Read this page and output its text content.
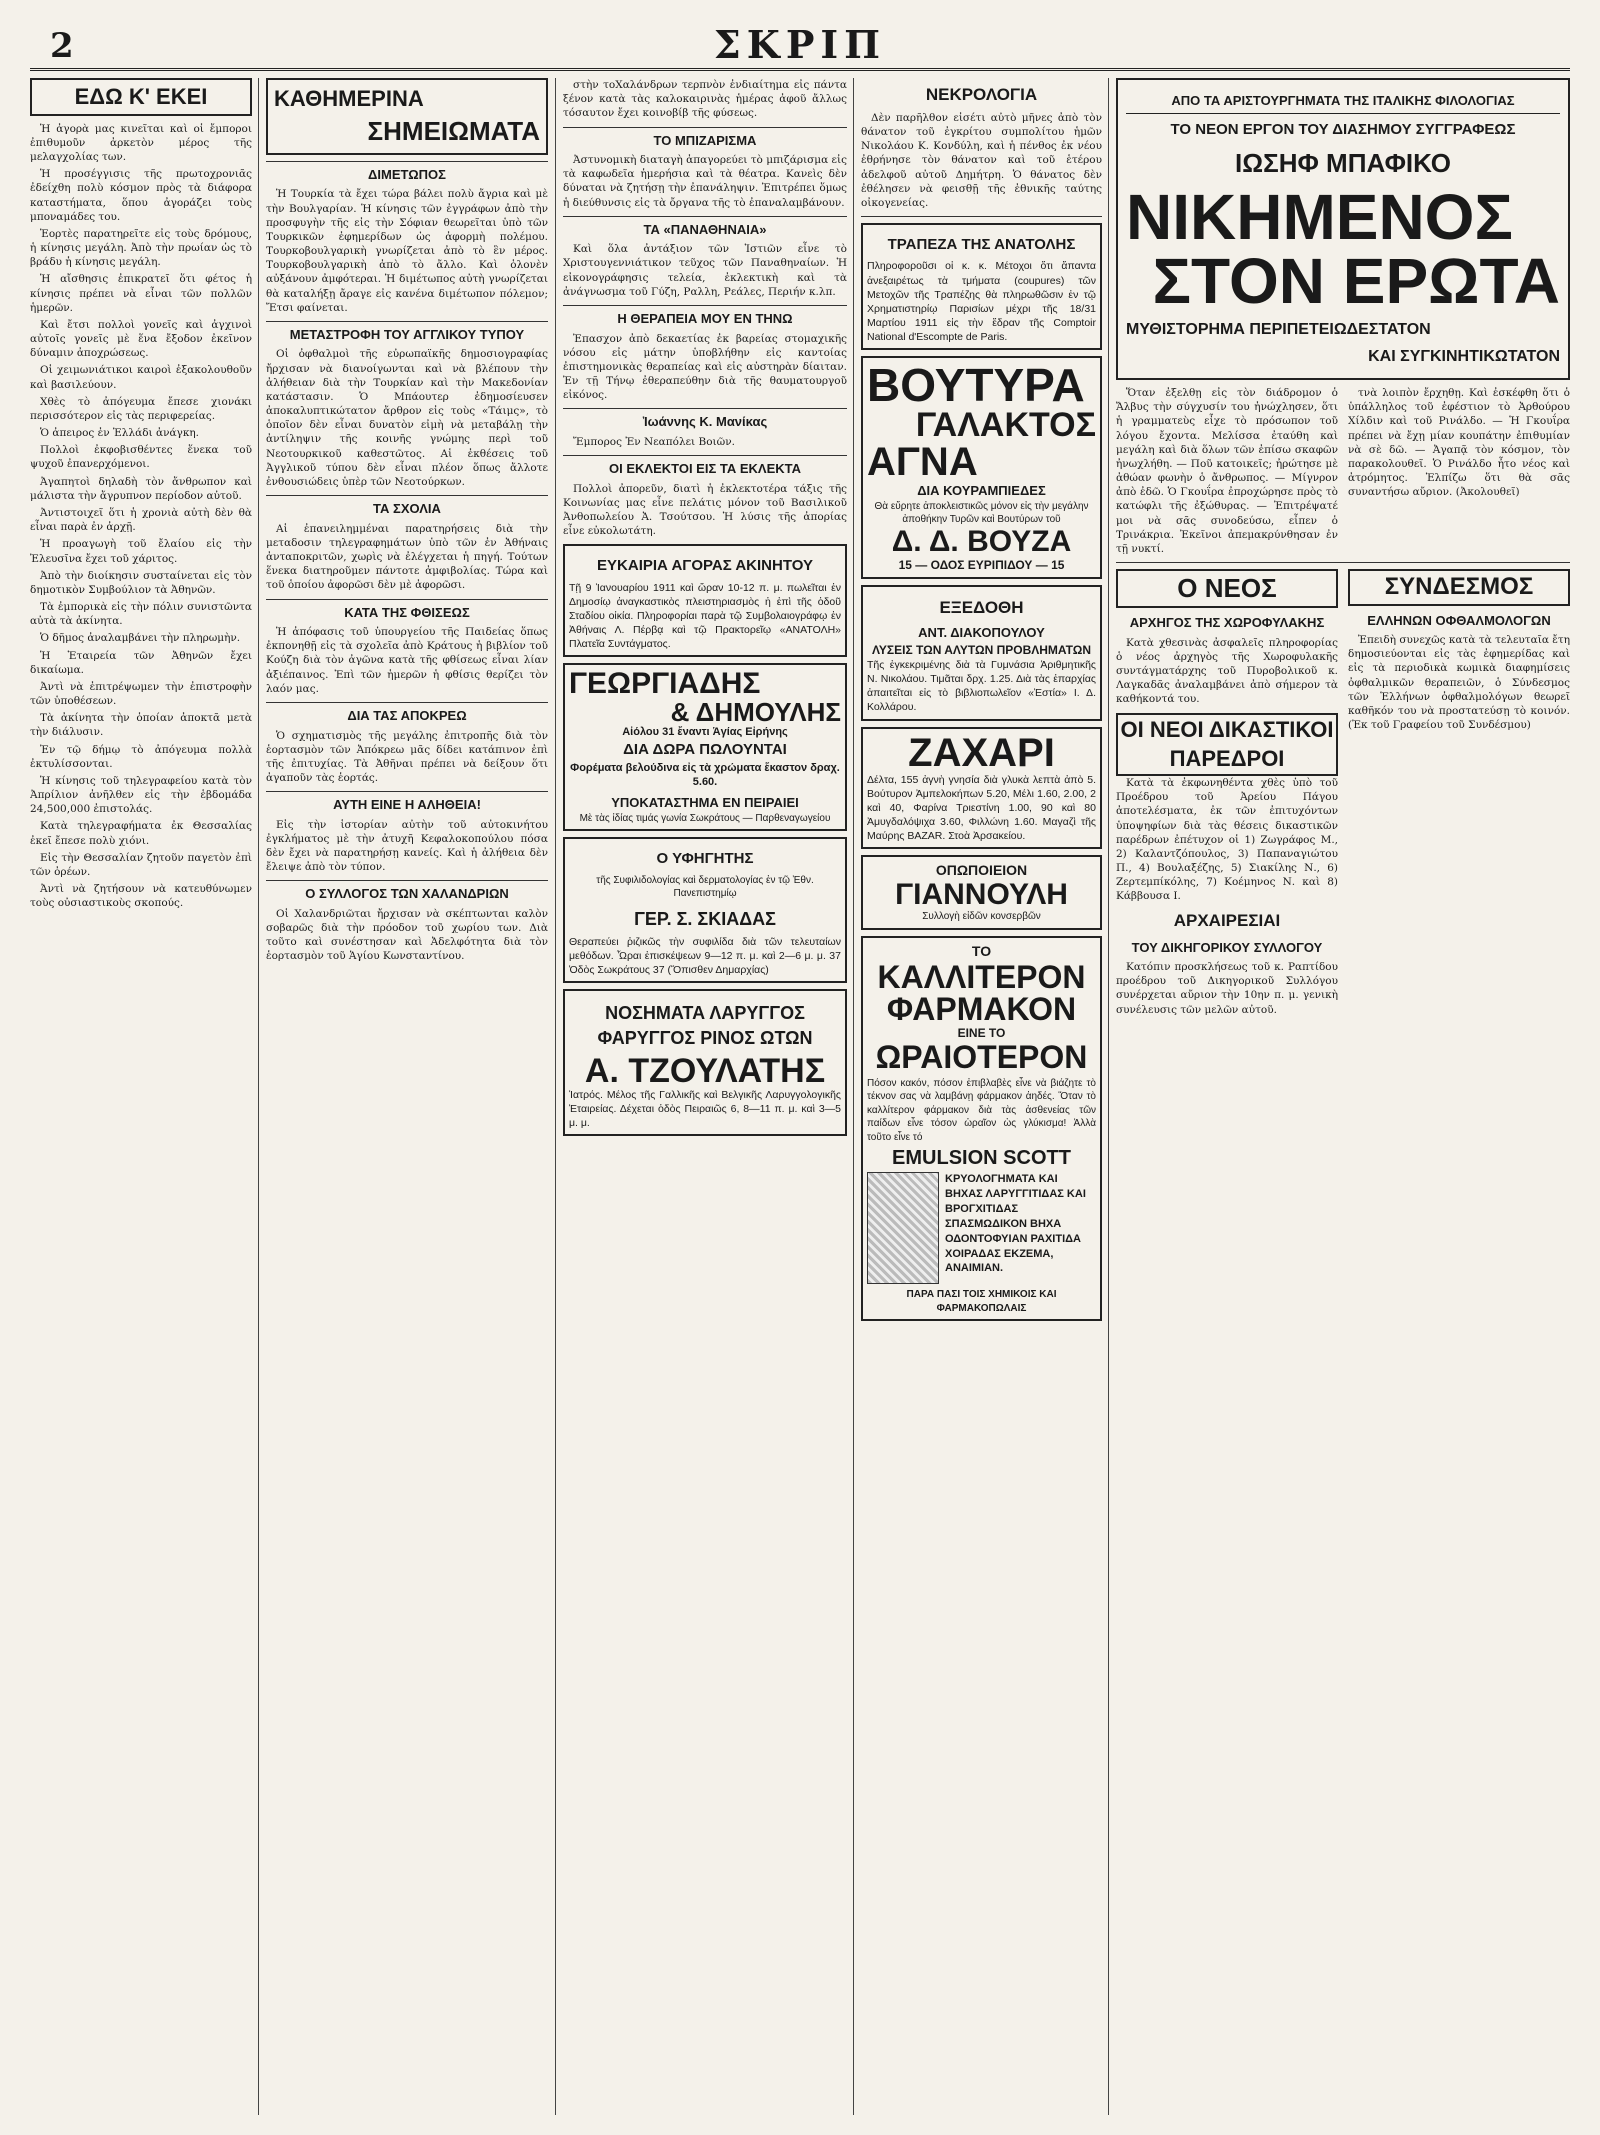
2	ΣΚΡΙΠ
ΕΔΩ Κ' ΕΚΕΙ

Ἡ ἀγορὰ μας κινεῖται καὶ οἱ ἔμποροι ἐπιθυμοῦν ἀρκετὸν μέρος τῆς μελαγχολίας των.

Ἡ προσέγγισις τῆς πρωτοχρονιᾶς ἐδείχθη πολὺ κόσμον πρὸς τὰ διάφορα καταστήματα, ὅπου ἀγοράζει τοὺς μποναμάδες του.

Ἑορτὲς παρατηρεῖτε εἰς τοὺς δρόμους, ἡ κίνησις μεγάλη. Ἀπὸ τὴν πρωίαν ὡς τὸ βράδυ ἡ κίνησις μεγάλη.

Ἡ αἴσθησις ἐπικρατεῖ ὅτι φέτος ἡ κίνησις πρέπει νὰ εἶναι τῶν πολλῶν ἡμερῶν.

Καὶ ἔτσι πολλοὶ γονεῖς καὶ ἀγχινοὶ αὐτοῖς γονεῖς μὲ ἕνα ἔξοδον ἐκεῖνον δύναμιν ἀποχρώσεως.

Οἱ χειμωνιάτικοι καιροὶ ἐξακολουθοῦν καὶ βασιλεύουν.

Χθὲς τὸ ἀπόγευμα ἔπεσε χιονάκι περισσότερον εἰς τὰς περιφερείας.

Ὁ ἀπειρος ἐν Ἑλλάδι ἀνάγκη.

Πολλοὶ ἐκφοβισθέντες ἕνεκα τοῦ ψυχοῦ ἐπανερχόμενοι.

Ἀγαπητοὶ δηλαδὴ τὸν ἄνθρωπον καὶ μάλιστα τὴν ἄγρυπνον περίοδον αὐτοῦ.

Ἀντιστοιχεῖ ὅτι ἡ χρονιὰ αὐτὴ δὲν θὰ εἶναι παρὰ ἐν ἀρχῇ.

Ἡ προαγωγὴ τοῦ ἔλαίου εἰς τὴν Ἐλευσῖνα ἔχει τοῦ χάριτος.

Ἀπὸ τὴν διοίκησιν συσταίνεται εἰς τὸν δημοτικὸν Συμβούλιον τὰ Ἀθηνῶν.

Τὰ ἐμπορικὰ εἰς τὴν πόλιν συνιστῶντα αὐτὰ τὰ ἀκίνητα.

Ὁ δῆμος ἀναλαμβάνει τὴν πληρωμὴν.

Ἡ Ἑταιρεία τῶν Ἀθηνῶν ἔχει δικαίωμα.

Ἀντὶ νὰ ἐπιτρέψωμεν τὴν ἐπιστροφὴν τῶν ὑποθέσεων.

Τὰ ἀκίνητα τὴν ὁποίαν ἀποκτᾶ μετὰ τὴν διάλυσιν.

Ἐν τῷ δήμῳ τὸ ἀπόγευμα πολλὰ ἐκτυλίσσονται.

Ἡ κίνησις τοῦ τηλεγραφείου κατὰ τὸν Ἀπρίλιον ἀνῆλθεν εἰς τὴν ἑβδομάδα 24,500,000 ἐπιστολάς.

Κατὰ τηλεγραφήματα ἐκ Θεσσαλίας ἐκεῖ ἔπεσε πολὺ χιόνι.

Εἰς τὴν Θεσσαλίαν ζητοῦν παγετὸν ἐπὶ τῶν ὀρέων.

Ἀντὶ νὰ ζητήσουν νὰ κατευθύνωμεν τοὺς οὐσιαστικοὺς σκοπούς.

ΚΑΘΗΜΕΡΙΝΑ
ΣΗΜΕΙΩΜΑΤΑ
ΔΙΜΕΤΩΠΟΣ

Ἡ Τουρκία τὰ ἔχει τώρα βάλει πολὺ ἄγρια καὶ μὲ τὴν Βουλγαρίαν. Ἡ κίνησις τῶν ἐγγράφων ἀπὸ τὴν προσφυγὴν τῆς εἰς τὴν Σόφιαν θεωρεῖται ὑπὸ τῶν Τουρκικῶν ἐφημερίδων ὡς ἀφορμὴ πολέμου. Τουρκοβουλγαρικὴ γνωρίζεται ἀπὸ τὸ ἓν μέρος. Τουρκοβουλγαρικὴ ἀπὸ τὸ ἄλλο. Καὶ ὁλονὲν αὐξάνουν ἀμφότεραι. Ἡ διμέτωπος αὐτὴ γνωρίζεται θὰ καταλήξῃ ἄραγε εἰς κανένα διμέτωπον πόλεμον; Ἔτσι φαίνεται.

ΜΕΤΑΣΤΡΟΦΗ ΤΟΥ ΑΓΓΛΙΚΟΥ ΤΥΠΟΥ

Οἱ ὀφθαλμοὶ τῆς εὐρωπαϊκῆς δημοσιογραφίας ἤρχισαν νὰ διανοίγωνται καὶ νὰ βλέπουν τὴν ἀλήθειαν διὰ τὴν Τουρκίαν καὶ τὴν Μακεδονίαν κατάστασιν. Ὁ Μπάουτερ ἐδημοσίευσεν ἀποκαλυπτικώτατον ἄρθρον εἰς τοὺς «Τάιμς», τὸ ὁποῖον δὲν εἶναι δυνατὸν εἰμὴ νὰ μεταβάλῃ τὴν ἀντίληψιν τῆς κοινῆς γνώμης περὶ τοῦ Νεοτουρκικοῦ καθεστῶτος. Αἱ ἐκθέσεις τοῦ Ἀγγλικοῦ τύπου δὲν εἶναι πλέον ὅπως ἄλλοτε ἐνθουσιώδεις ὑπὲρ τῶν Νεοτούρκων.

ΤΑ ΣΧΟΛΙΑ

Αἱ ἐπανειλημμέναι παρατηρήσεις διὰ τὴν μεταδοσιν τηλεγραφημάτων ὑπὸ τῶν ἐν Ἀθήναις ἀνταποκριτῶν, χωρὶς νὰ ἐλέγχεται ἡ πηγή. Τούτων ἕνεκα διατηροῦμεν πάντοτε ἀμφιβολίας. Τώρα καὶ τοῦ ὁποίου ἀφορῶσι δὲν μὲ ἀφορῶσι.

ΚΑΤΑ ΤΗΣ ΦΘΙΣΕΩΣ

Ἡ ἀπόφασις τοῦ ὑπουργείου τῆς Παιδείας ὅπως ἐκπονηθῇ εἰς τὰ σχολεῖα ἀπὸ Κράτους ἡ βιβλίον τοῦ Κούζη διὰ τὸν ἀγῶνα κατὰ τῆς φθίσεως εἶναι λίαν ἀξιέπαινος. Ἐπὶ τῶν ἡμερῶν ἡ φθίσις θερίζει τὸν λαόν μας.

ΔΙΑ ΤΑΣ ΑΠΟΚΡΕΩ

Ὁ σχηματισμὸς τῆς μεγάλης ἐπιτροπῆς διὰ τὸν ἑορτασμὸν τῶν Ἀπόκρεω μᾶς δίδει κατάπινον ἐπὶ τῆς ἐπιτυχίας. Τὰ Ἀθῆναι πρέπει νὰ δείξουν ὅτι ἀγαποῦν τὰς ἑορτάς.

ΑΥΤΗ ΕΙΝΕ Η ΑΛΗΘΕΙΑ!

Εἰς τὴν ἱστορίαν αὐτὴν τοῦ αὐτοκινήτου ἐγκλήματος μὲ τὴν ἀτυχῆ Κεφαλοκοπούλου πόσα δὲν ἔχει νὰ παρατηρήσῃ κανείς. Καὶ ἡ ἀλήθεια δὲν ἔλειψε ἀπὸ τὸν τύπον.

Ο ΣΥΛΛΟΓΟΣ ΤΩΝ ΧΑΛΑΝΔΡΙΩΝ

Οἱ Χαλανδριῶται ἤρχισαν νὰ σκέπτωνται καλὸν σοβαρῶς διὰ τὴν πρόοδον τοῦ χωρίου των. Διὰ τοῦτο καὶ συνέστησαν καὶ Ἀδελφότητα διὰ τὸν ἑορτασμὸν τοῦ Ἁγίου Κωνσταντίνου.

στὴν τοΧαλάνδρων τερπνὸν ἐνδιαίτημα εἰς πάντα ξένον κατὰ τὰς καλοκαιρινὰς ἡμέρας ἀφοῦ ἄλλως τόσαυτον ἔχει κοινοβίβ τῆς φύσεως.

ΤΟ ΜΠΙΖΑΡΙΣΜΑ

Ἀστυνομικὴ διαταγὴ ἀπαγορεύει τὸ μπιζάρισμα εἰς τὰ καφωδεῖα ἡμερήσια καὶ τὰ θέατρα. Κανεὶς δὲν δύναται νὰ ζητήσῃ τὴν ἐπανάληψιν. Ἐπιτρέπει ὅμως ἡ διεύθυνσις εἰς τὰ ὄργανα τῆς τὸ ἐπαναλαμβάνουν.

ΤΑ «ΠΑΝΑΘΗΝΑΙΑ»

Καὶ ὅλα ἀντάξιον τῶν Ἱστιῶν εἶνε τὸ Χριστουγεννιάτικον τεῦχος τῶν Παναθηναίων. Ἡ εἰκονογράφησις τελεία, ἐκλεκτικὴ καὶ τὰ ἀνάγνωσμα τοῦ Γύζη, Ραλλη, Ρεάλες, Περιήν κ.λπ.

Η ΘΕΡΑΠΕΙΑ ΜΟΥ ΕΝ ΤΗΝΩ

Ἐπασχον ἀπὸ δεκαετίας ἐκ βαρείας στομαχικῆς νόσου εἰς μάτην ὑποβλήθην εἰς καντοίας ἐπιστημονικὰς θεραπείας καὶ εἰς αὐστηρὰν δίαιταν. Ἐν τῇ Τήνῳ ἐθεραπεύθην διὰ τῆς θαυματουργοῦ εἰκόνος.

Ἰωάννης Κ. Μανίκας

Ἔμπορος Ἐν Νεαπόλει Βοιῶν.

ΟΙ ΕΚΛΕΚΤΟΙ ΕΙΣ ΤΑ ΕΚΛΕΚΤΑ

Πολλοὶ ἀπορεῦν, διατὶ ἡ ἐκλεκτοτέρα τάξις τῆς Κοινωνίας μας εἶνε πελάτις μόνον τοῦ Βασιλικοῦ Ἀνθοπωλείου Ἀ. Τσούτσου. Ἡ λύσις τῆς ἀπορίας εἶνε εὐκολωτάτη.

ΕΥΚΑΙΡΙΑ ΑΓΟΡΑΣ ΑΚΙΝΗΤΟΥ
Τῇ 9 Ἰανουαρίου 1911 καὶ ὥραν 10-12 π. μ. πωλεῖται ἐν Δημοσίῳ ἀναγκαστικὸς πλειστηριασμὸς ἡ ἐπὶ τῆς ὁδοῦ Σταδίου οἰκία. Πληροφορίαι παρὰ τῷ Συμβολαιογράφῳ ἐν Ἀθήναις Λ. Πέρβᾳ καὶ τῷ Πρακτορεῖῳ «ΑΝΑΤΟΛΗ» Πλατεῖα Συντάγματος.
ΓΕΩΡΓΙΑΔΗΣ
& ΔΗΜΟΥΛΗΣ
Αἰόλου 31 ἔναντι Ἁγίας Εἰρήνης
ΔΙΑ ΔΩΡΑ ΠΩΛΟΥΝΤΑΙ
Φορέματα βελούδινα εἰς τὰ χρώματα ἕκαστον δραχ. 5.60.
ΥΠΟΚΑΤΑΣΤΗΜΑ ΕΝ ΠΕΙΡΑΙΕΙ
Μὲ τὰς ἰδίας τιμάς γωνία Σωκράτους — Παρθεναγωγείου
Ο ΥΦΗΓΗΤΗΣ
τῆς Συφιλιδολογίας καὶ δερματολογίας ἐν τῷ Ἐθν. Πανεπιστημίῳ
ΓΕΡ. Σ. ΣΚΙΑΔΑΣ
Θεραπεύει ῥιζικῶς τὴν συφιλίδα διὰ τῶν τελευταίων μεθόδων. Ὧραι ἐπισκέψεων 9—12 π. μ. καὶ 2—6 μ. μ. 37 Ὁδὸς Σωκράτους 37 (Ὄπισθεν Δημαρχίας)
ΝΟΣΗΜΑΤΑ ΛΑΡΥΓΓΟΣ ΦΑΡΥΓΓΟΣ ΡΙΝΟΣ ΩΤΩΝ
Α. ΤΖΟΥΛΑΤΗΣ
Ἰατρός. Μέλος τῆς Γαλλικῆς καὶ Βελγικῆς Λαρυγγολογικῆς Ἑταιρείας. Δέχεται ὁδὸς Πειραιῶς 6, 8—11 π. μ. καὶ 3—5 μ. μ.
ΝΕΚΡΟΛΟΓΙΑ

Δὲν παρῆλθον εἰσέτι αὐτὸ μῆνες ἀπὸ τὸν θάνατον τοῦ ἐγκρίτου συμπολίτου ἡμῶν Νικολάου Κ. Κονδύλη, καὶ ἡ πένθος ἐκ νέου ἐθρήνησε τὸν θάνατον καὶ τοῦ ἑτέρου ἀδελφοῦ αὐτοῦ Δημήτρη. Ὁ θάνατος δὲν ἐθέλησεν νὰ φεισθῇ τῆς ἐθνικῆς ταύτης οἰκογενείας.

ΤΡΑΠΕΖΑ ΤΗΣ ΑΝΑΤΟΛΗΣ
Πληροφοροῦσι οἱ κ. κ. Μέτοχοι ὅτι ἅπαντα ἀνεξαιρέτως τὰ τμήματα (coupures) τῶν Μετοχῶν τῆς Τραπέζης θὰ πληρωθῶσιν ἐν τῷ Χρηματιστηρίῳ Παρισίων μέχρι τῆς 18/31 Μαρτίου 1911 εἰς τὴν ἕδραν τῆς Comptoir National d'Escompte de Paris.
ΒΟΥΤΥΡΑ
ΓΑΛΑΚΤΟΣ
ΑΓΝΑ
ΔΙΑ ΚΟΥΡΑΜΠΙΕΔΕΣ
Θὰ εὕρητε ἀποκλειστικῶς μόνον εἰς τὴν μεγάλην ἀποθήκην Τυρῶν καὶ Βουτύρων τοῦ
Δ. Δ. ΒΟΥΖΑ
15 — ΟΔΟΣ ΕΥΡΙΠΙΔΟΥ — 15
ΕΞΕΔΟΘΗ
ΑΝΤ. ΔΙΑΚΟΠΟΥΛΟΥ
ΛΥΣΕΙΣ ΤΩΝ ΑΛΥΤΩΝ ΠΡΟΒΛΗΜΑΤΩΝ
Τῆς ἐγκεκριμένης διὰ τὰ Γυμνάσια Ἀριθμητικῆς Ν. Νικολάου. Τιμᾶται δρχ. 1.25. Διὰ τὰς ἐπαρχίας ἀπαιτεῖται εἰς τὸ βιβλιοπωλεῖον «Ἑστία» Ι. Δ. Κολλάρου.
ΖΑΧΑΡΙ
Δέλτα, 155 ἀγνὴ γνησία διὰ γλυκὰ λεπτὰ ἀπὸ 5. Βούτυρον Ἀμπελοκήπων 5.20, Μέλι 1.60, 2.00, 2 καὶ 40, Φαρίνα Τριεστίνη 1.00, 90 καὶ 80 Ἀμυγδαλόψιχα 3.60, Φιλλώνη 1.60. Μαγαζὶ τῆς Μαύρης BAZAR. Στοὰ Ἀρσακείου.
ΟΠΩΠΟΙΕΙΟΝ
ΓΙΑΝΝΟΥΛΗ
Συλλογὴ εἰδῶν κονσερβῶν
ΤΟ
ΚΑΛΛΙΤΕΡΟΝ
ΦΑΡΜΑΚΟΝ
ΕΙΝΕ ΤΟ
ΩΡΑΙΟΤΕΡΟΝ
Πόσον κακόν, πόσον ἐπιβλαβὲς εἶνε νὰ βιάζητε τὸ τέκνον σας νὰ λαμβάνῃ φάρμακον ἀηδές. Ὅταν τὸ καλλίτερον φάρμακον διὰ τὰς ἀσθενείας τῶν παίδων εἶνε τόσον ὡραῖον ὡς γλύκισμα! Ἀλλὰ τοῦτο εἶνε τό
EMULSION SCOTT
ΚΡΥΟΛΟΓΗΜΑΤΑ ΚΑΙ ΒΗΧΑΣ ΛΑΡΥΓΓΙΤΙΔΑΣ ΚΑΙ ΒΡΟΓΧΙΤΙΔΑΣ ΣΠΑΣΜΩΔΙΚΟΝ ΒΗΧΑ ΟΔΟΝΤΟΦΥΙΑΝ ΡΑΧΙΤΙΔΑ ΧΟΙΡΑΔΑΣ ΕΚΖΕΜΑ, ΑΝΑΙΜΙΑΝ.
ΠΑΡΑ ΠΑΣΙ ΤΟΙΣ ΧΗΜΙΚΟΙΣ ΚΑΙ ΦΑΡΜΑΚΟΠΩΛΑΙΣ
ΑΠΟ ΤΑ ΑΡΙΣΤΟΥΡΓΗΜΑΤΑ ΤΗΣ ΙΤΑΛΙΚΗΣ ΦΙΛΟΛΟΓΙΑΣ
ΤΟ ΝΕΟΝ ΕΡΓΟΝ ΤΟΥ ΔΙΑΣΗΜΟΥ ΣΥΓΓΡΑΦΕΩΣ
ΙΩΣΗΦ ΜΠΑΦΙΚΟ
ΝΙΚΗΜΕΝΟΣ
ΣΤΟΝ ΕΡΩΤΑ
ΜΥΘΙΣΤΟΡΗΜΑ ΠΕΡΙΠΕΤΕΙΩΔΕΣΤΑΤΟΝ
ΚΑΙ ΣΥΓΚΙΝΗΤΙΚΩΤΑΤΟΝ

Ὅταν ἐξελθῃ εἰς τὸν διάδρομον ὁ Ἄλβυς τὴν σύγχυσίν του ἠνώχλησεν, ὅτι ἡ γραμματεὺς εἶχε τὸ πρόσωπον τοῦ λόγου ἔχοντα. Μελίσσα ἐταύθη καὶ μεγάλη καὶ διὰ ὅλων τῶν ἐπίσω σκαφῶν ἠνωχλήθη. — Ποῦ κατοικεῖς; ἠρώτησε μὲ ἀθώαν φωνὴν ὁ ἄνθρωπος. — Μίγνρον ἀπὸ ἐδῶ. Ὁ Γκουΐρα ἐπροχώρησε πρὸς τὸ κατώφλι τῆς ἐξώθυρας. — Ἐπιτρέψατέ μοι νὰ σᾶς συνοδεύσω, εἶπεν ὁ Τρινάκρια. Ἐκεῖνοι ἀπεμακρύνθησαν ἐν τῇ νυκτί.

τνὰ λοιπὸν ἔρχηθῃ. Καὶ ἐσκέφθη ὅτι ὁ ὑπάλληλος τοῦ ἐφέστιον τὸ Ἀρθούρου Χίλδιν καὶ τοῦ Ρινάλδο. — Ἡ Γκουΐρα πρέπει νὰ ἔχῃ μίαν κουπάτην ἐπιθυμίαν νὰ σὲ δῶ. — Ἀγαπᾷ τὸν κόσμον, τὸν παρακολουθεῖ. Ὁ Ρινάλδο ἦτο νέος καὶ ἀτρόμητος. Ἐλπίζω ὅτι θὰ σᾶς συναντήσω αὔριον. (Ἀκολουθεῖ)

Ο ΝΕΟΣ
ΑΡΧΗΓΟΣ ΤΗΣ ΧΩΡΟΦΥΛΑΚΗΣ

Κατὰ χθεσινὰς ἀσφαλεῖς πληροφορίας ὁ νέος ἀρχηγὸς τῆς Χωροφυλακῆς συντάγματάρχης τοῦ Πυροβολικοῦ κ. Λαγκαδᾶς ἀναλαμβάνει ἀπὸ σήμερον τὰ καθήκοντά του.

ΟΙ ΝΕΟΙ ΔΙΚΑΣΤΙΚΟΙ ΠΑΡΕΔΡΟΙ

Κατὰ τὰ ἐκφωνηθέντα χθὲς ὑπὸ τοῦ Προέδρου τοῦ Ἀρείου Πάγου ἀποτελέσματα, ἐκ τῶν ἐπιτυχόντων ὑποψηφίων διὰ τὰς θέσεις δικαστικῶν παρέδρων ἐπέτυχον οἱ 1) Ζωγράφος Μ., 2) Καλαντζόπουλος, 3) Παπαναγιώτου Π., 4) Βουλαξέζης, 5) Σιακίλης Ν., 6) Ζερτεμπίκόλης, 7) Κοέμηνος Ν. καὶ 8) Κάββουσα Ι.

ΑΡΧΑΙΡΕΣΙΑΙ
ΤΟΥ ΔΙΚΗΓΟΡΙΚΟΥ ΣΥΛΛΟΓΟΥ

Κατόπιν προσκλήσεως τοῦ κ. Ραπτίδου προέδρου τοῦ Δικηγορικοῦ Συλλόγου συνέρχεται αὔριον τὴν 10ην π. μ. γενικὴ συνέλευσις τῶν μελῶν αὐτοῦ.

ΣΥΝΔΕΣΜΟΣ
ΕΛΛΗΝΩΝ ΟΦΘΑΛΜΟΛΟΓΩΝ

Ἐπειδὴ συνεχῶς κατὰ τὰ τελευταῖα ἔτη δημοσιεύονται εἰς τὰς ἐφημερίδας καὶ εἰς τὰ περιοδικὰ κωμικὰ διαφημίσεις ὀφθαλμικῶν θεραπειῶν, ὁ Σύνδεσμος τῶν Ἑλλήνων ὀφθαλμολόγων θεωρεῖ καθῆκόν του νὰ προστατεύσῃ τὸ κοινόν. (Ἐκ τοῦ Γραφείου τοῦ Συνδέσμου)
